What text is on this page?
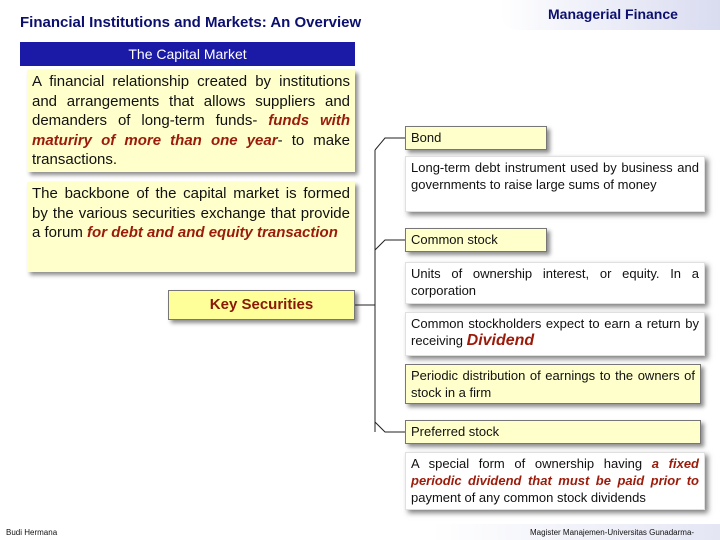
Financial Institutions and Markets: An Overview	Managerial Finance
The Capital Market
A financial relationship created by institutions and arrangements that allows suppliers and demanders of long-term funds- funds with maturiry of more than one year- to make transactions.
The backbone of the capital market is formed by the various securities exchange that provide a forum for debt and and equity transaction
Key Securities
Bond
Long-term debt instrument used by business and governments to raise large sums of money
Common stock
Units of ownership interest, or equity. In a corporation
Common stockholders expect to earn a return by receiving Dividend
Periodic distribution of earnings to the owners of stock in a firm
Preferred stock
A special form of ownership having a fixed periodic dividend that must be paid prior to payment of any common stock dividends
Budi Hermana	Magister Manajemen-Universitas Gunadarma-
